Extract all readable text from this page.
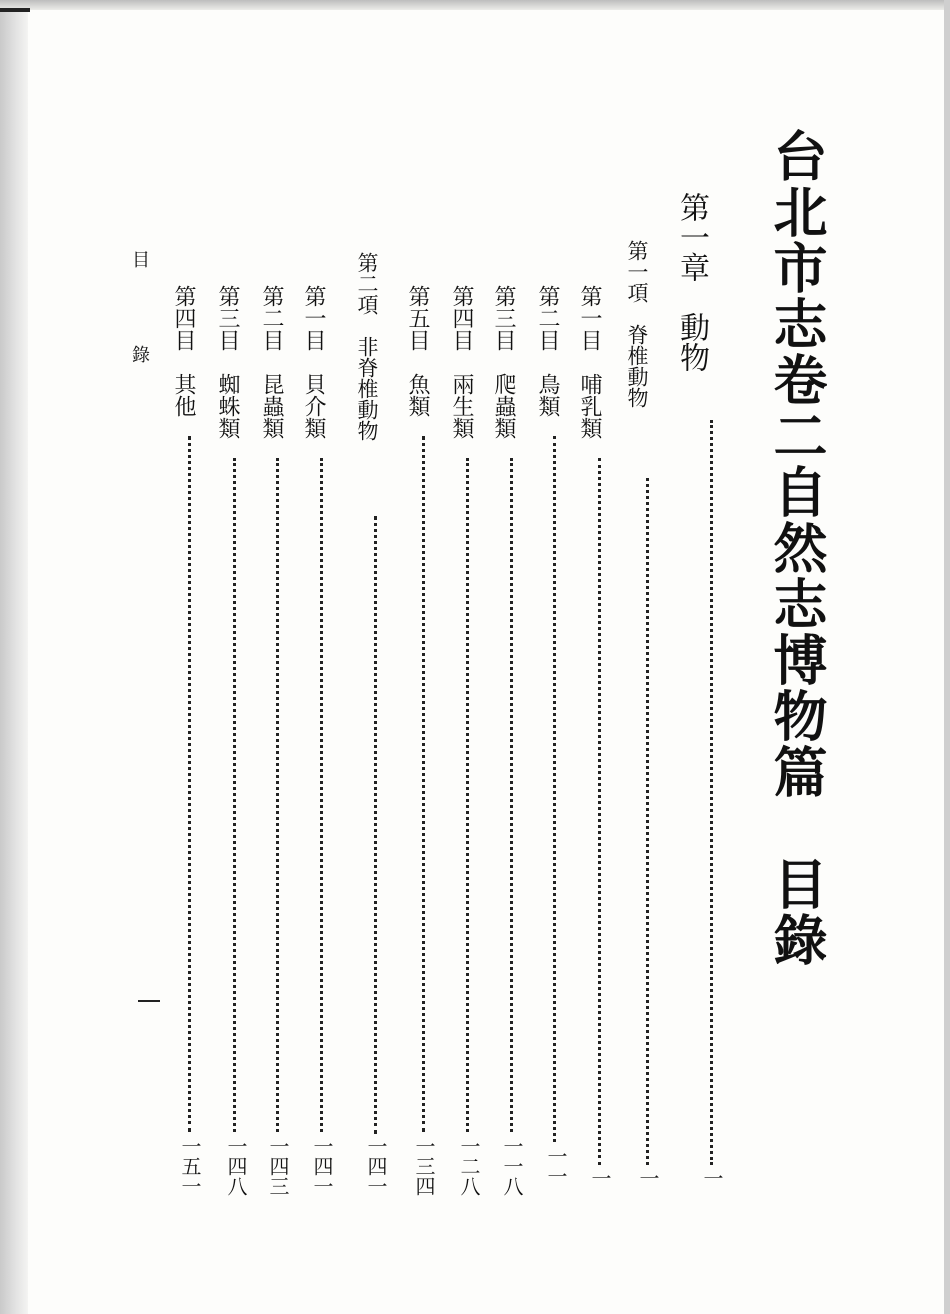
台北市志卷二自然志博物篇　目錄
第一章　動物
一
第一項　脊椎動物
一
第一目　哺乳類
一
第二目　鳥類
一一
第三目　爬蟲類
一一八
第四目　兩生類
一二八
第五目　魚類
一三四
第二項　非脊椎動物
一四一
第一目　貝介類
一四一
第二目　昆蟲類
一四三
第三目　蜘蛛類
一四八
第四目　其他
一五一
目
錄
